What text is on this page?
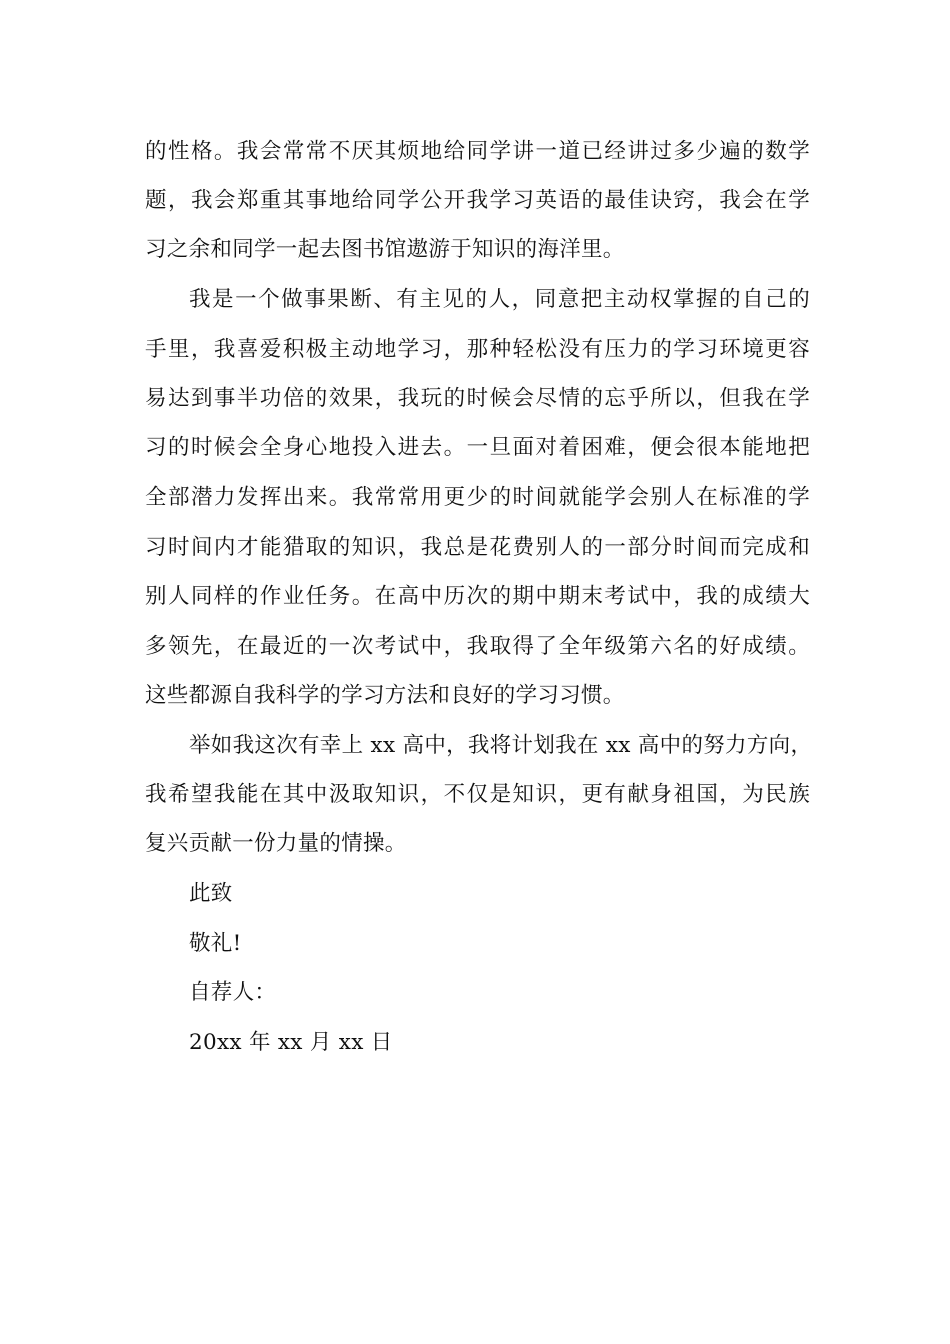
的性格。我会常常不厌其烦地给同学讲一道已经讲过多少遍的数学
题，我会郑重其事地给同学公开我学习英语的最佳诀窍，我会在学
习之余和同学一起去图书馆遨游于知识的海洋里。
我是一个做事果断、有主见的人，同意把主动权掌握的自己的
手里，我喜爱积极主动地学习，那种轻松没有压力的学习环境更容
易达到事半功倍的效果，我玩的时候会尽情的忘乎所以，但我在学
习的时候会全身心地投入进去。一旦面对着困难，便会很本能地把
全部潜力发挥出来。我常常用更少的时间就能学会别人在标准的学
习时间内才能猎取的知识，我总是花费别人的一部分时间而完成和
别人同样的作业任务。在高中历次的期中期末考试中，我的成绩大
多领先，在最近的一次考试中，我取得了全年级第六名的好成绩。
这些都源自我科学的学习方法和良好的学习习惯。
举如我这次有幸上 xx 高中，我将计划我在 xx 高中的努力方向，
我希望我能在其中汲取知识，不仅是知识，更有献身祖国，为民族
复兴贡献一份力量的情操。
此致
敬礼!
自荐人：
20xx 年 xx 月 xx 日
